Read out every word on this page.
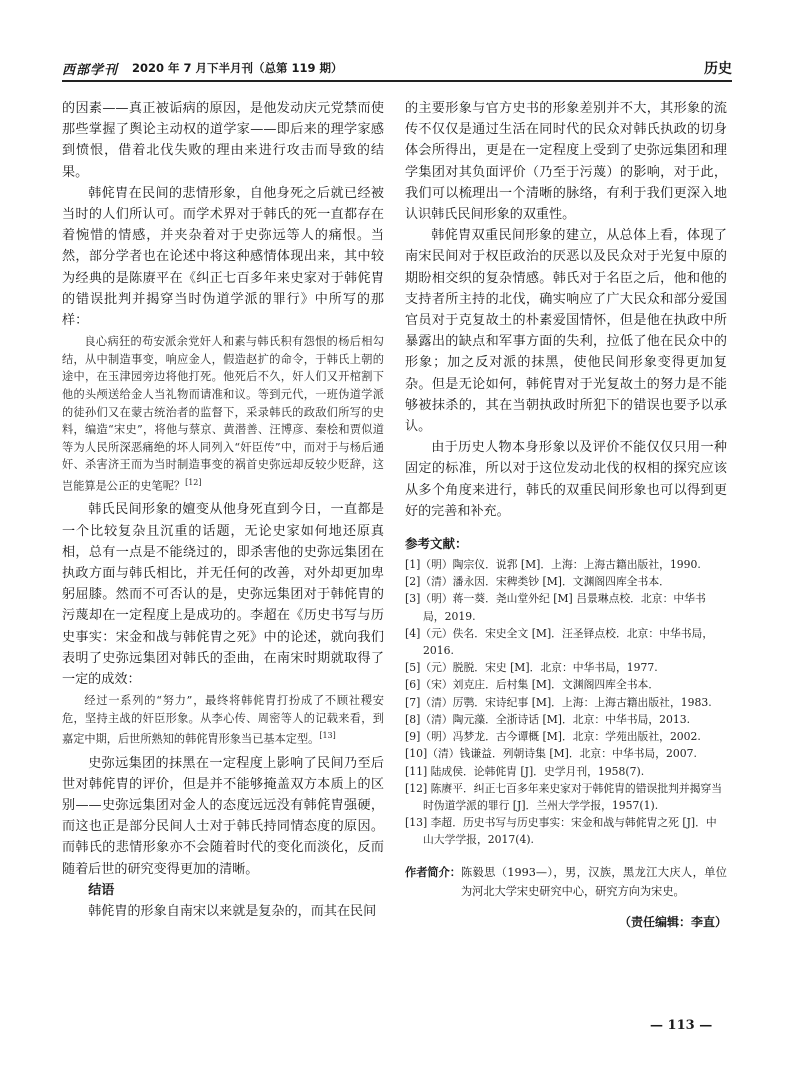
西部学刊 2020 年 7 月下半月刊（总第 119 期）	历史

的因素——真正被诟病的原因，是他发动庆元党禁而使那些掌握了舆论主动权的道学家——即后来的理学家感到愤恨，借着北伐失败的理由来进行攻击而导致的结果。

韩侂胄在民间的悲情形象，自他身死之后就已经被当时的人们所认可。而学术界对于韩氏的死一直都存在着惋惜的情感，并夹杂着对于史弥远等人的痛恨。当然，部分学者也在论述中将这种感情体现出来，其中较为经典的是陈赓平在《纠正七百多年来史家对于韩侂胄的错误批判并揭穿当时伪道学派的罪行》中所写的那样：

良心病狂的苟安派余党奸人和素与韩氏积有怨恨的杨后相勾结，从中制造事变，响应金人，假造赵扩的命令，于韩氏上朝的途中，在玉津园旁边将他打死。他死后不久，奸人们又开棺割下他的头颅送给金人当礼物而请准和议。等到元代，一班伪道学派的徒孙们又在蒙古统治者的监督下，采录韩氏的政敌们所写的史料，编造“宋史”，将他与蔡京、黄潜善、汪博彦、秦桧和贾似道等为人民所深恶痛绝的坏人同列入“奸臣传”中，而对于与杨后通奸、杀害济王而为当时制造事变的祸首史弥远却反较少贬辞，这岂能算是公正的史笔呢？[12]

韩氏民间形象的嬗变从他身死直到今日，一直都是一个比较复杂且沉重的话题，无论史家如何地还原真相，总有一点是不能绕过的，即杀害他的史弥远集团在执政方面与韩氏相比，并无任何的改善，对外却更加卑躬屈膝。然而不可否认的是，史弥远集团对于韩侂胄的污蔑却在一定程度上是成功的。李超在《历史书写与历史事实：宋金和战与韩侂胄之死》中的论述，就向我们表明了史弥远集团对韩氏的歪曲，在南宋时期就取得了一定的成效：

经过一系列的“努力”，最终将韩侂胄打扮成了不顾社稷安危，坚持主战的奸臣形象。从李心传、周密等人的记载来看，到嘉定中期，后世所熟知的韩侂胄形象当已基本定型。[13]

史弥远集团的抹黑在一定程度上影响了民间乃至后世对韩侂胄的评价，但是并不能够掩盖双方本质上的区别——史弥远集团对金人的态度远远没有韩侂胄强硬，而这也正是部分民间人士对于韩氏持同情态度的原因。而韩氏的悲情形象亦不会随着时代的变化而淡化，反而随着后世的研究变得更加的清晰。

结语

韩侂胄的形象自南宋以来就是复杂的，而其在民间

的主要形象与官方史书的形象差别并不大，其形象的流传不仅仅是通过生活在同时代的民众对韩氏执政的切身体会所得出，更是在一定程度上受到了史弥远集团和理学集团对其负面评价（乃至于污蔑）的影响，对于此，我们可以梳理出一个清晰的脉络，有利于我们更深入地认识韩氏民间形象的双重性。

韩侂胄双重民间形象的建立，从总体上看，体现了南宋民间对于权臣政治的厌恶以及民众对于光复中原的期盼相交织的复杂情感。韩氏对于名臣之后，他和他的支持者所主持的北伐，确实响应了广大民众和部分爱国官员对于克复故土的朴素爱国情怀，但是他在执政中所暴露出的缺点和军事方面的失利，拉低了他在民众中的形象；加之反对派的抹黑，使他民间形象变得更加复杂。但是无论如何，韩侂胄对于光复故土的努力是不能够被抹杀的，其在当朝执政时所犯下的错误也要予以承认。

由于历史人物本身形象以及评价不能仅仅只用一种固定的标准，所以对于这位发动北伐的权相的探究应该从多个角度来进行，韩氏的双重民间形象也可以得到更好的完善和补充。

参考文献：
[1]（明）陶宗仪．说郛 [M]．上海：上海古籍出版社，1990.
[2]（清）潘永因．宋稗类钞 [M]．文渊阁四库全书本．
[3]（明）蒋一葵．尧山堂外纪 [M] 吕景琳点校．北京：中华书局，2019.
[4]（元）佚名．宋史全文 [M]．汪圣铎点校．北京：中华书局，2016.
[5]（元）脱脱．宋史 [M]．北京：中华书局，1977.
[6]（宋）刘克庄．后村集 [M]．文渊阁四库全书本．
[7]（清）厉鹗．宋诗纪事 [M]．上海：上海古籍出版社，1983.
[8]（清）陶元藻．全浙诗话 [M]．北京：中华书局，2013.
[9]（明）冯梦龙．古今谭概 [M]．北京：学苑出版社，2002.
[10]（清）钱谦益．列朝诗集 [M]．北京：中华书局，2007.
[11] 陆成侯．论韩侂胄 [J]．史学月刊，1958(7).
[12] 陈赓平．纠正七百多年来史家对于韩侂胄的错误批判并揭穿当时伪道学派的罪行 [J]．兰州大学学报，1957(1).
[13] 李超．历史书写与历史事实：宋金和战与韩侂胄之死 [J]．中山大学学报，2017(4).
作者简介： 陈毅思（1993—），男，汉族，黑龙江大庆人，单位为河北大学宋史研究中心，研究方向为宋史。
（责任编辑：李直）
— 113 —
